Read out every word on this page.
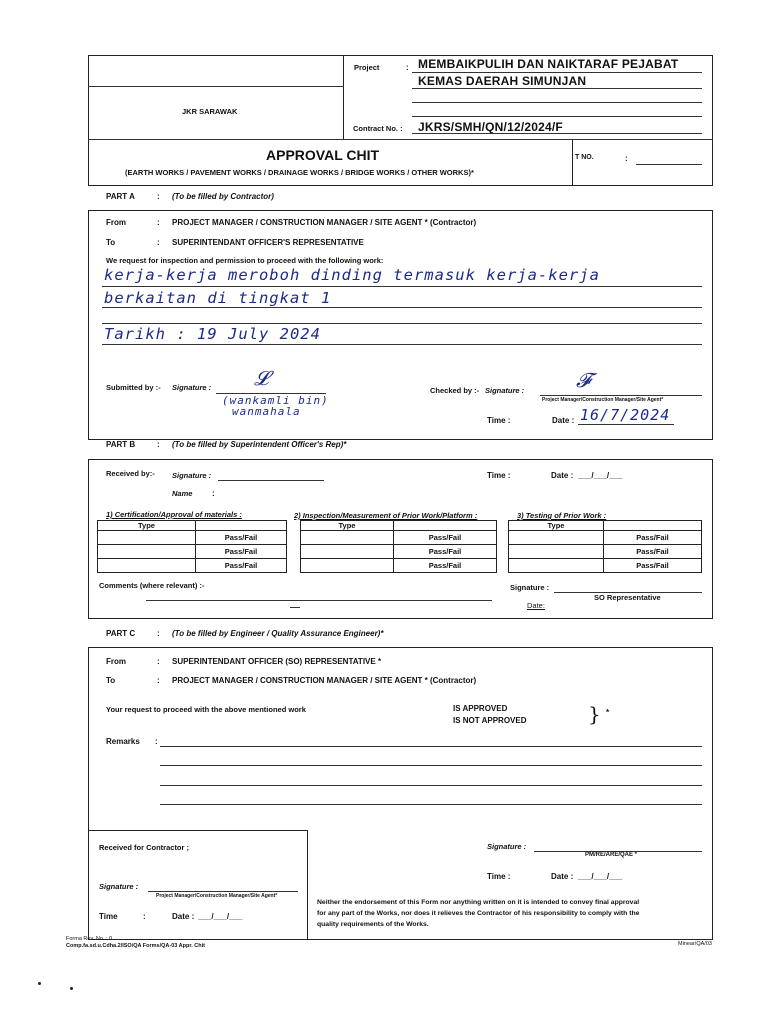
JKR SARAWAK
Project	: MEMBAIKPULIH DAN NAIKTARAF PEJABAT
KEMAS DAERAH SIMUNJAN
Contract No. : JKRS/SMH/QN/12/2024/F
APPROVAL CHIT
(EARTH WORKS / PAVEMENT WORKS / DRAINAGE WORKS / BRIDGE WORKS / OTHER WORKS)*
T NO.	:
PART A	: (To be filled by Contractor)
From	: PROJECT MANAGER / CONSTRUCTION MANAGER / SITE AGENT * (Contractor)
To	: SUPERINTENDANT OFFICER'S REPRESENTATIVE
We request for inspection and permission to proceed with the following work:
kerja-kerja meroboh dinding termasuk kerja-kerja
berkaitan di tingkat 1
Tarikh : 19 July 2024
Submitted by :- Signature : 𝓛
(wankamli bin)
wanmahala
Checked by :- Signature :	𝓕
Project Manager/Construction Manager/Site Agent*
Time :	Date : 16/7/2024
PART B	: (To be filled by Superintendent Officer's Rep)*
Received by:- Signature :
Name :
Time :	Date : ___/___/___
1) Certification/Approval of materials :	2) Inspection/Measurement of Prior Work/Platform :	3) Testing of Prior Work :
Type	
	Pass/Fail
	Pass/Fail
	Pass/Fail
Type	
	Pass/Fail
	Pass/Fail
	Pass/Fail
Type	
	Pass/Fail
	Pass/Fail
	Pass/Fail
Comments (where relevant) :-	Signature :
SO Representative
Date:
PART C	: (To be filled by Engineer / Quality Assurance Engineer)*
From	: SUPERINTENDANT OFFICER (SO) REPRESENTATIVE *
To	: PROJECT MANAGER / CONSTRUCTION MANAGER / SITE AGENT * (Contractor)
Your request to proceed with the above mentioned work	IS APPROVED
IS NOT APPROVED	} *
Remarks :
Received for Contractor ;
Signature :
Project Manager/Construction Manager/Site Agent*
Time	:	Date : ___/___/___
Signature :
PM/RE/ARE/QAE *
Time :	Date : ___/___/___
Neither the endorsement of this Form nor anything written on it is intended to convey final approval
for any part of the Works, nor does it relieves the Contractor of his responsibility to comply with the
quality requirements of the Works.
Forma Rev. No. : 0
Comp.fa.sd.u.Cdha.2/ISO/QA Forms/QA-03 Appr. Chit	Minear/QA/03
